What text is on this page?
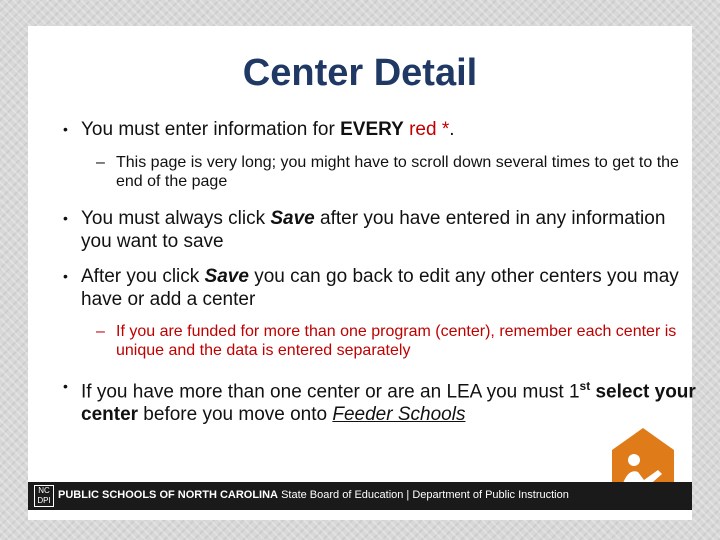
Center Detail
• You must enter information for EVERY red *.
– This page is very long; you might have to scroll down several times to get to the end of the page
• You must always click Save after you have entered in any information you want to save
• After you click Save you can go back to edit any other centers you may have or add a center
– If you are funded for more than one program (center), remember each center is unique and the data is entered separately
• If you have more than one center or are an LEA you must 1st select your center before you move onto Feeder Schools
NC
DPI PUBLIC SCHOOLS OF NORTH CAROLINA State Board of Education | Department of Public Instruction
